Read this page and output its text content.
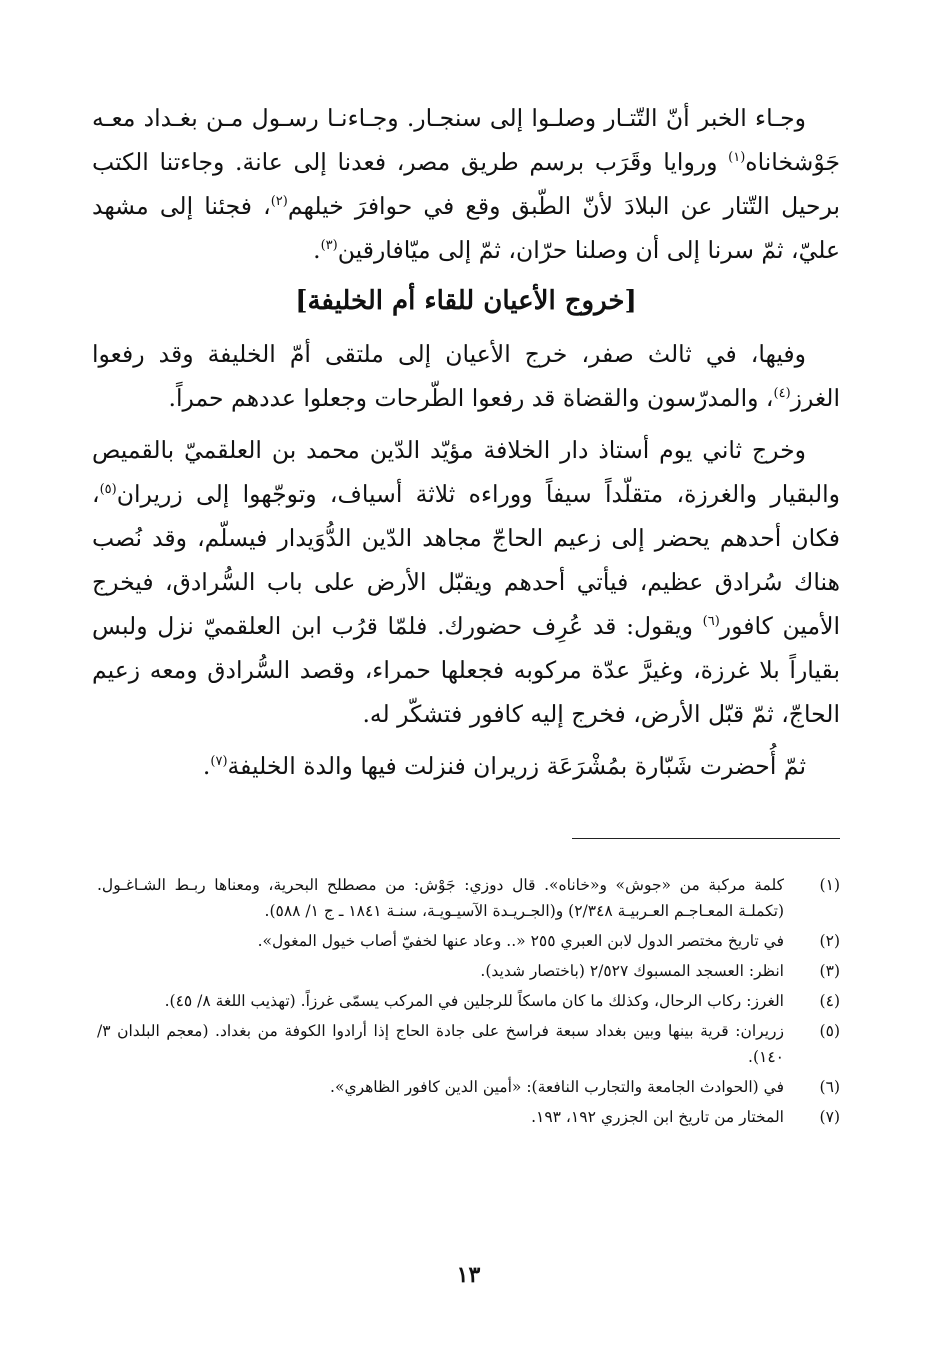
وجـاء الخبر أنّ التّتـار وصلـوا إلى سنجـار. وجـاءنـا رسـول مـن بغـداد معـه جَوْشخاناه$^{(١)}$ وروايا وقَرَب برسم طريق مصر، فعدنا إلى عانة. وجاءتنا الكتب برحيل التّتار عن البلادَ لأنّ الطّبق وقع في حوافرَ خيلهم$^{(٢)}$، فجئنا إلى مشهد عليّ، ثمّ سرنا إلى أن وصلنا حرّان، ثمّ إلى ميّافارقين$^{(٣)}$.

[خروج الأعيان للقاء أم الخليفة]

وفيها، في ثالث صفر، خرج الأعيان إلى ملتقى أمّ الخليفة وقد رفعوا الغرز$^{(٤)}$، والمدرّسون والقضاة قد رفعوا الطّرحات وجعلوا عددهم حمراً.

وخرج ثاني يوم أستاذ دار الخلافة مؤيّد الدّين محمد بن العلقميّ بالقميص والبقيار والغرزة، متقلّداً سيفاً ووراءه ثلاثة أسياف، وتوجّهوا إلى زريران$^{(٥)}$، فكان أحدهم يحضر إلى زعيم الحاجّ مجاهد الدّين الدُّوَيدار فيسلّم، وقد نُصب هناك سُرادق عظيم، فيأتي أحدهم ويقبّل الأرض على باب السُّرادق، فيخرج الأمين كافور$^{(٦)}$ ويقول: قد عُرِف حضورك. فلمّا قرُب ابن العلقميّ نزل ولبس بقياراً بلا غرزة، وغيرَّ عدّة مركوبه فجعلها حمراء، وقصد السُّرادق ومعه زعيم الحاجّ، ثمّ قبّل الأرض، فخرج إليه كافور فتشكّر له.

ثمّ أُحضرت شَبّارة بمُشْرَعَة زريران فنزلت فيها والدة الخليفة$^{(٧)}$.

(١)
كلمة مركبة من «جوش» و«خاناه». قال دوزي: جَوْش: من مصطلح البحرية، ومعناها ربـط الشـاغـول. (تكملـة المعـاجـم العـربيـة ٢/٣٤٨) و(الجـريـدة الآسيـويـة، سنـة ١٨٤١ ـ ج ١/ ٥٨٨).
(٢)
في تاريخ مختصر الدول لابن العبري ٢٥٥ «.. وعاد عنها لخفيّ أصاب خيول المغول».
(٣)
انظر: العسجد المسبوك ٢/٥٢٧ (باختصار شديد).
(٤)
الغرز: ركاب الرحال، وكذلك ما كان ماسكاً للرجلين في المركب يسمّى غرزاً. (تهذيب اللغة ٨/ ٤٥).
(٥)
زريران: قرية بينها وبين بغداد سبعة فراسخ على جادة الحاج إذا أرادوا الكوفة من بغداد. (معجم البلدان ٣/ ١٤٠).
(٦)
في (الحوادث الجامعة والتجارب النافعة): «أمين الدين كافور الظاهري».
(٧)
المختار من تاريخ ابن الجزري ١٩٢، ١٩٣.
١٣
